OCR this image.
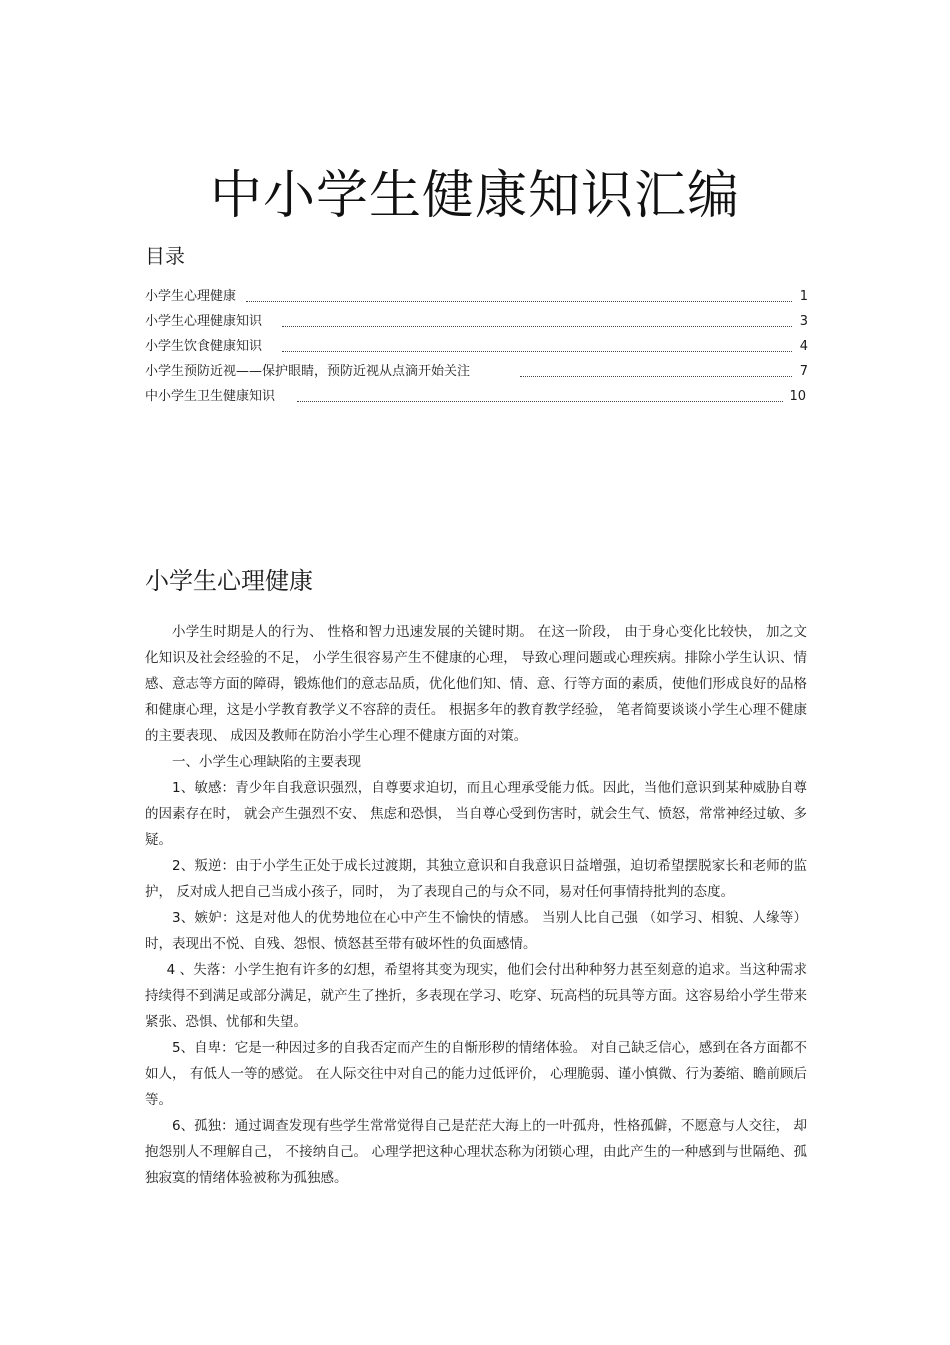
中小学生健康知识汇编
目录
小学生心理健康	1
小学生心理健康知识	3
小学生饮食健康知识	4
小学生预防近视——保护眼睛，预防近视从点滴开始关注	7
中小学生卫生健康知识	10
小学生心理健康

小学生时期是人的行为、 性格和智力迅速发展的关键时期。 在这一阶段， 由于身心变化比较快， 加之文化知识及社会经验的不足， 小学生很容易产生不健康的心理， 导致心理问题或心理疾病。排除小学生认识、情感、意志等方面的障碍，锻炼他们的意志品质，优化他们知、情、意、行等方面的素质，使他们形成良好的品格和健康心理，这是小学教育教学义不容辞的责任。 根据多年的教育教学经验， 笔者简要谈谈小学生心理不健康的主要表现、 成因及教师在防治小学生心理不健康方面的对策。

一、小学生心理缺陷的主要表现

1、敏感：青少年自我意识强烈，自尊要求迫切，而且心理承受能力低。因此，当他们意识到某种威胁自尊的因素存在时， 就会产生强烈不安、 焦虑和恐惧， 当自尊心受到伤害时，就会生气、愤怒，常常神经过敏、多疑。

2、叛逆：由于小学生正处于成长过渡期，其独立意识和自我意识日益增强，迫切希望摆脱家长和老师的监护， 反对成人把自己当成小孩子，同时， 为了表现自己的与众不同，易对任何事情持批判的态度。

3、嫉妒：这是对他人的优势地位在心中产生不愉快的情感。 当别人比自己强 （如学习、相貌、人缘等）时，表现出不悦、自残、怨恨、愤怒甚至带有破坏性的负面感情。

4 、失落：小学生抱有许多的幻想，希望将其变为现实，他们会付出种种努力甚至刻意的追求。当这种需求持续得不到满足或部分满足，就产生了挫折，多表现在学习、吃穿、玩高档的玩具等方面。这容易给小学生带来紧张、恐惧、忧郁和失望。

5、自卑：它是一种因过多的自我否定而产生的自惭形秽的情绪体验。 对自己缺乏信心，感到在各方面都不如人， 有低人一等的感觉。 在人际交往中对自己的能力过低评价， 心理脆弱、谨小慎微、行为萎缩、瞻前顾后等。

6、孤独：通过调查发现有些学生常常觉得自己是茫茫大海上的一叶孤舟，性格孤僻，不愿意与人交往， 却抱怨别人不理解自己， 不接纳自己。 心理学把这种心理状态称为闭锁心理，由此产生的一种感到与世隔绝、孤独寂寞的情绪体验被称为孤独感。
